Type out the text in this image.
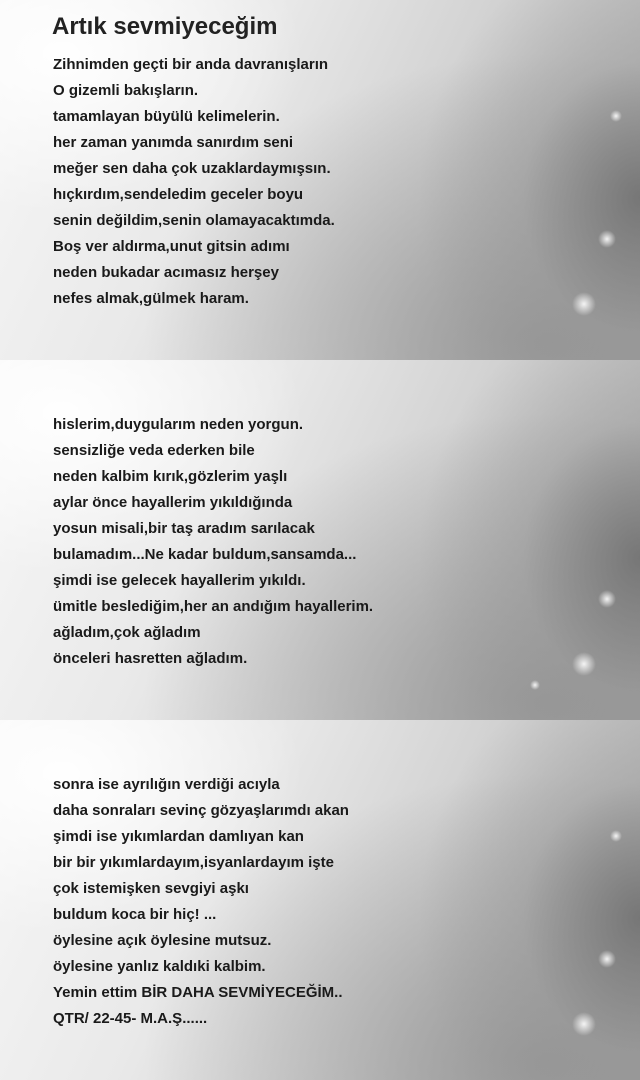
Artık sevmiyeceğim
Zihnimden geçti bir anda davranışların
O gizemli bakışların.
tamamlayan büyülü kelimelerin.
her zaman yanımda sanırdım seni
meğer sen daha çok uzaklardaymışsın.
hıçkırdım,sendeledim geceler boyu
senin değildim,senin olamayacaktımda.
Boş ver aldırma,unut gitsin adımı
neden bukadar acımasız herşey
nefes almak,gülmek haram.
hislerim,duygularım neden yorgun.
sensizliğe veda ederken bile
neden kalbim kırık,gözlerim yaşlı
aylar önce hayallerim yıkıldığında
yosun misali,bir taş aradım sarılacak
bulamadım...Ne kadar buldum,sansamda...
şimdi ise gelecek hayallerim yıkıldı.
ümitle beslediğim,her an andığım hayallerim.
ağladım,çok ağladım
önceleri hasretten ağladım.
sonra ise ayrılığın verdiği acıyla
daha sonraları sevinç gözyaşlarımdı akan
şimdi ise yıkımlardan damlıyan kan
bir bir yıkımlardayım,isyanlardayım işte
çok istemişken sevgiyi aşkı
buldum koca bir hiç! ...
öylesine açık öylesine mutsuz.
öylesine yanlız kaldıki kalbim.
Yemin ettim BİR DAHA SEVMİYECEĞİM..
QTR/ 22-45- M.A.Ş......
